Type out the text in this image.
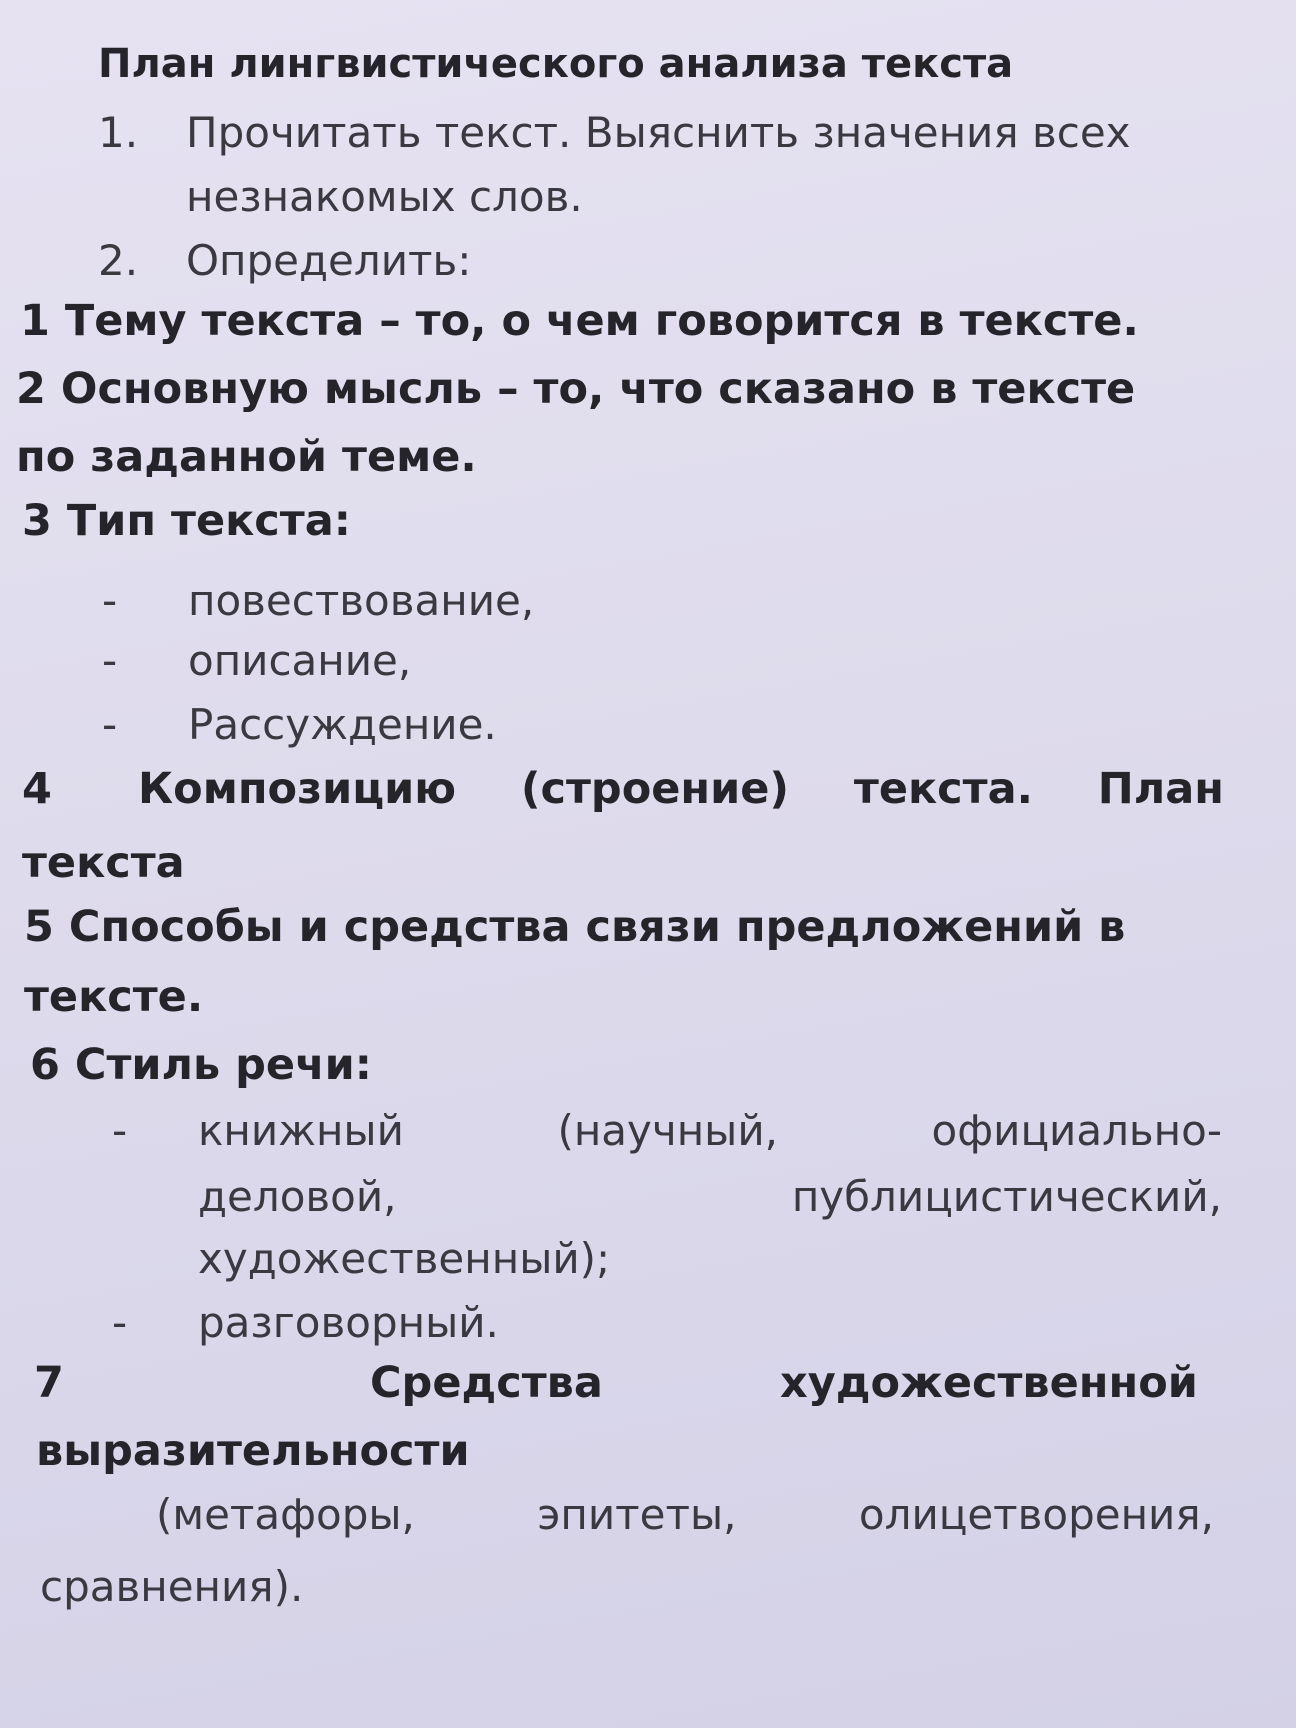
План лингвистического анализа текста
1. Прочитать текст. Выяснить значения всех
незнакомых слов.
2. Определить:
1 Тему текста – то, о чем говорится в тексте.
2 Основную мысль – то, что сказано в тексте
по заданной теме.
3 Тип текста:
- повествование,
- описание,
- Рассуждение.
4 Композицию (строение) текста. План
текста
5 Способы и средства связи предложений в
тексте.
6 Стиль речи:
- книжный	(научный,	официально-
деловой,	публицистический,
художественный);
- разговорный.
7	Средства	художественной
выразительности
(метафоры,	эпитеты,	олицетворения,
сравнения).
